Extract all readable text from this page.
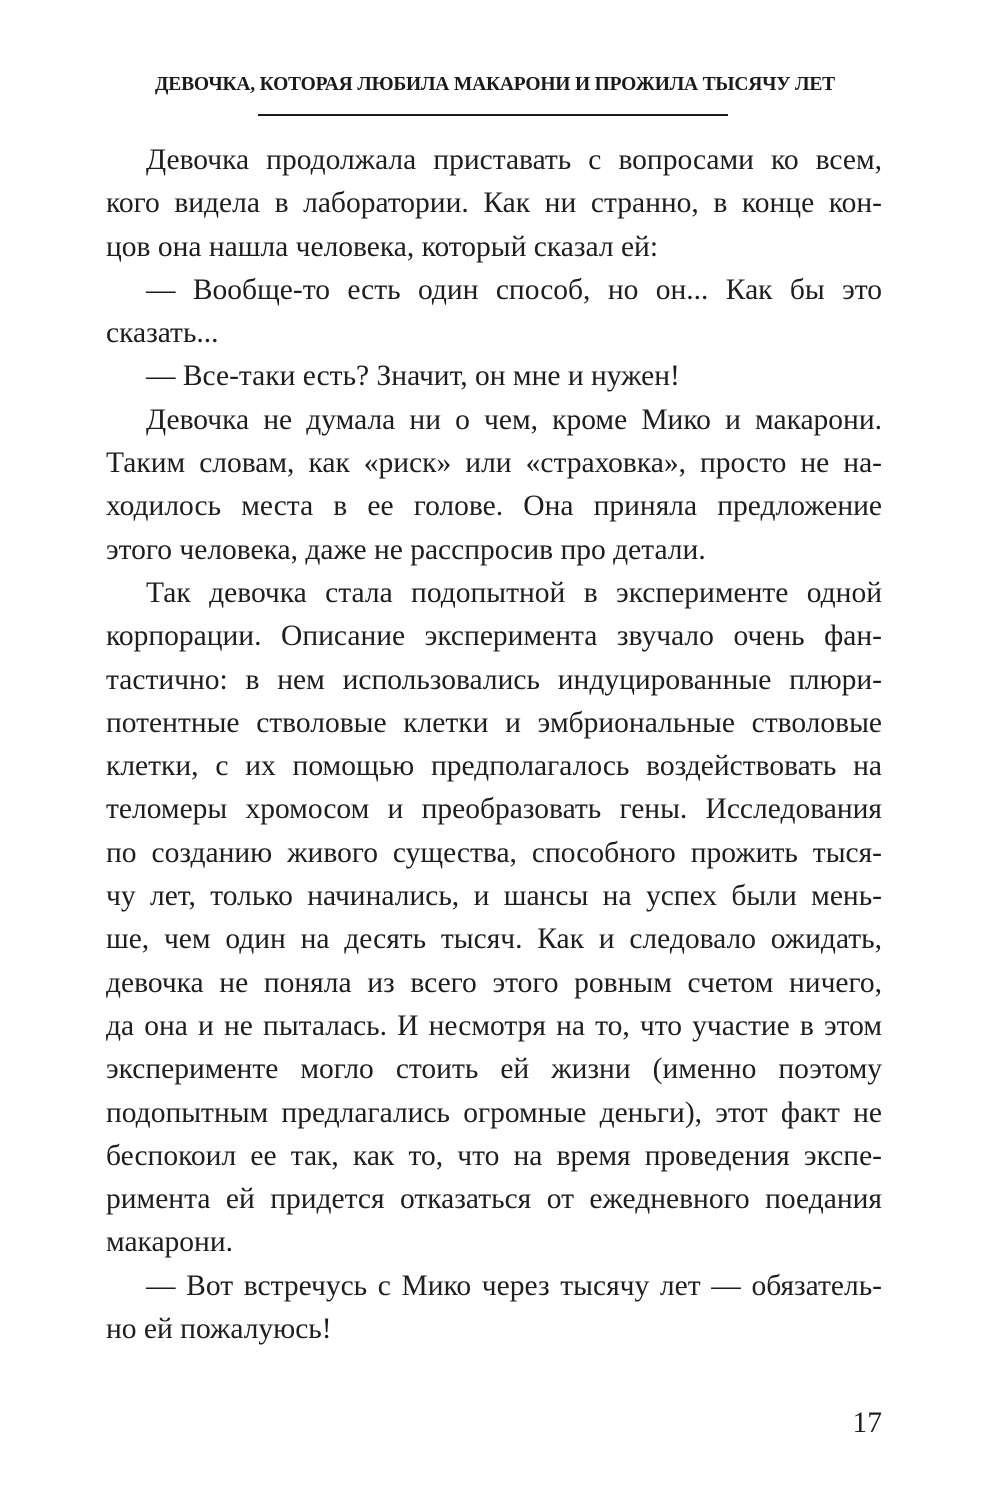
ДЕВОЧКА, КОТОРАЯ ЛЮБИЛА МАКАРОНИ И ПРОЖИЛА ТЫСЯЧУ ЛЕТ
Девочка продолжала приставать с вопросами ко всем,
кого видела в лаборатории. Как ни странно, в конце кон-
цов она нашла человека, который сказал ей:
— Вообще-то есть один способ, но он... Как бы это
сказать...
— Все-таки есть? Значит, он мне и нужен!
Девочка не думала ни о чем, кроме Мико и макарони.
Таким словам, как «риск» или «страховка», просто не на-
ходилось места в ее голове. Она приняла предложение
этого человека, даже не расспросив про детали.
Так девочка стала подопытной в эксперименте одной
корпорации. Описание эксперимента звучало очень фан-
тастично: в нем использовались индуцированные плюри-
потентные стволовые клетки и эмбриональные стволовые
клетки, с их помощью предполагалось воздействовать на
теломеры хромосом и преобразовать гены. Исследования
по созданию живого существа, способного прожить тыся-
чу лет, только начинались, и шансы на успех были мень-
ше, чем один на десять тысяч. Как и следовало ожидать,
девочка не поняла из всего этого ровным счетом ничего,
да она и не пыталась. И несмотря на то, что участие в этом
эксперименте могло стоить ей жизни (именно поэтому
подопытным предлагались огромные деньги), этот факт не
беспокоил ее так, как то, что на время проведения экспе-
римента ей придется отказаться от ежедневного поедания
макарони.
— Вот встречусь с Мико через тысячу лет — обязатель-
но ей пожалуюсь!
17
